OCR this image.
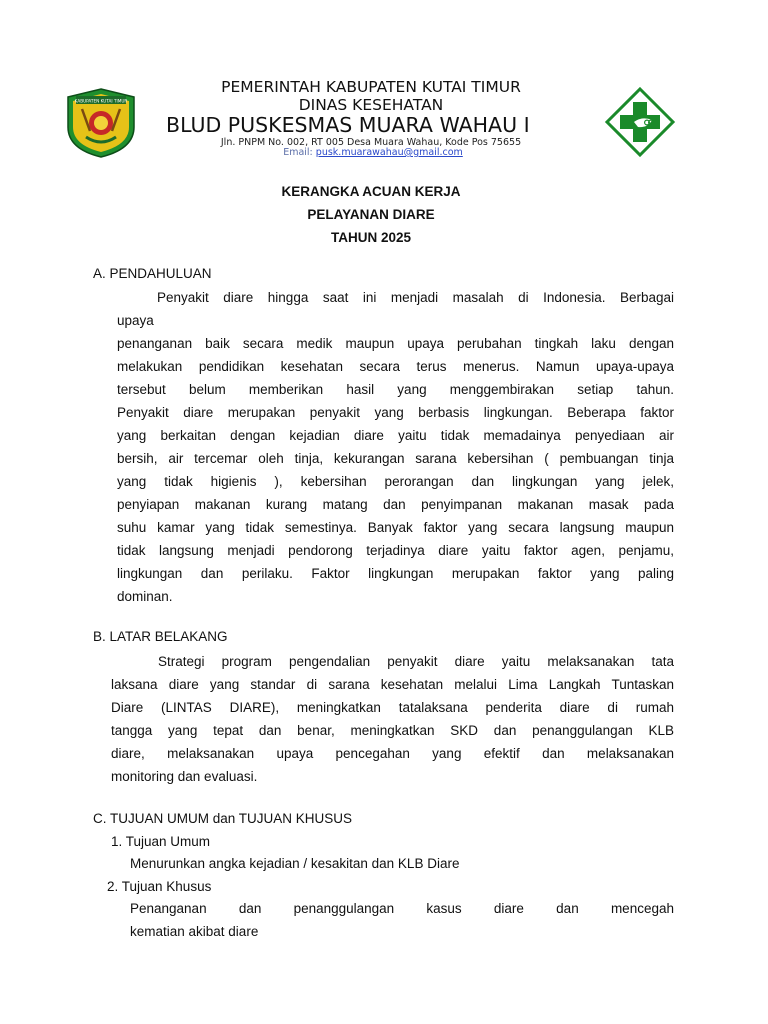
KABUPATEN KUTAI TIMUR
PEMERINTAH KABUPATEN KUTAI TIMUR
DINAS KESEHATAN
BLUD PUSKESMAS MUARA WAHAU I
Jln. PNPM No. 002, RT 005 Desa Muara Wahau, Kode Pos 75655
Email: pusk.muarawahau@gmail.com
KERANGKA ACUAN KERJA
PELAYANAN DIARE
TAHUN 2025
A. PENDAHULUAN
Penyakit diare hingga saat ini menjadi masalah di Indonesia. Berbagai
upaya
penanganan baik secara medik maupun upaya perubahan tingkah laku dengan
melakukan pendidikan kesehatan secara terus menerus. Namun upaya-upaya
tersebut belum memberikan hasil yang menggembirakan setiap tahun.
Penyakit diare merupakan penyakit yang berbasis lingkungan. Beberapa faktor
yang berkaitan dengan kejadian diare yaitu tidak memadainya penyediaan air
bersih, air tercemar oleh tinja, kekurangan sarana kebersihan ( pembuangan tinja
yang tidak higienis ), kebersihan perorangan dan lingkungan yang jelek,
penyiapan makanan kurang matang dan penyimpanan makanan masak pada
suhu kamar yang tidak semestinya. Banyak faktor yang secara langsung maupun
tidak langsung menjadi pendorong terjadinya diare yaitu faktor agen, penjamu,
lingkungan dan perilaku. Faktor lingkungan merupakan faktor yang paling
dominan.
B. LATAR BELAKANG
Strategi program pengendalian penyakit diare yaitu melaksanakan tata
laksana diare yang standar di sarana kesehatan melalui Lima Langkah Tuntaskan
Diare (LINTAS DIARE), meningkatkan tatalaksana penderita diare di rumah
tangga yang tepat dan benar, meningkatkan SKD dan penanggulangan KLB
diare, melaksanakan upaya pencegahan yang efektif dan melaksanakan
monitoring dan evaluasi.
C. TUJUAN UMUM dan TUJUAN KHUSUS
1. Tujuan Umum
Menurunkan angka kejadian / kesakitan dan KLB Diare
2. Tujuan Khusus
Penanganan dan penanggulangan kasus diare dan mencegah
kematian akibat diare
